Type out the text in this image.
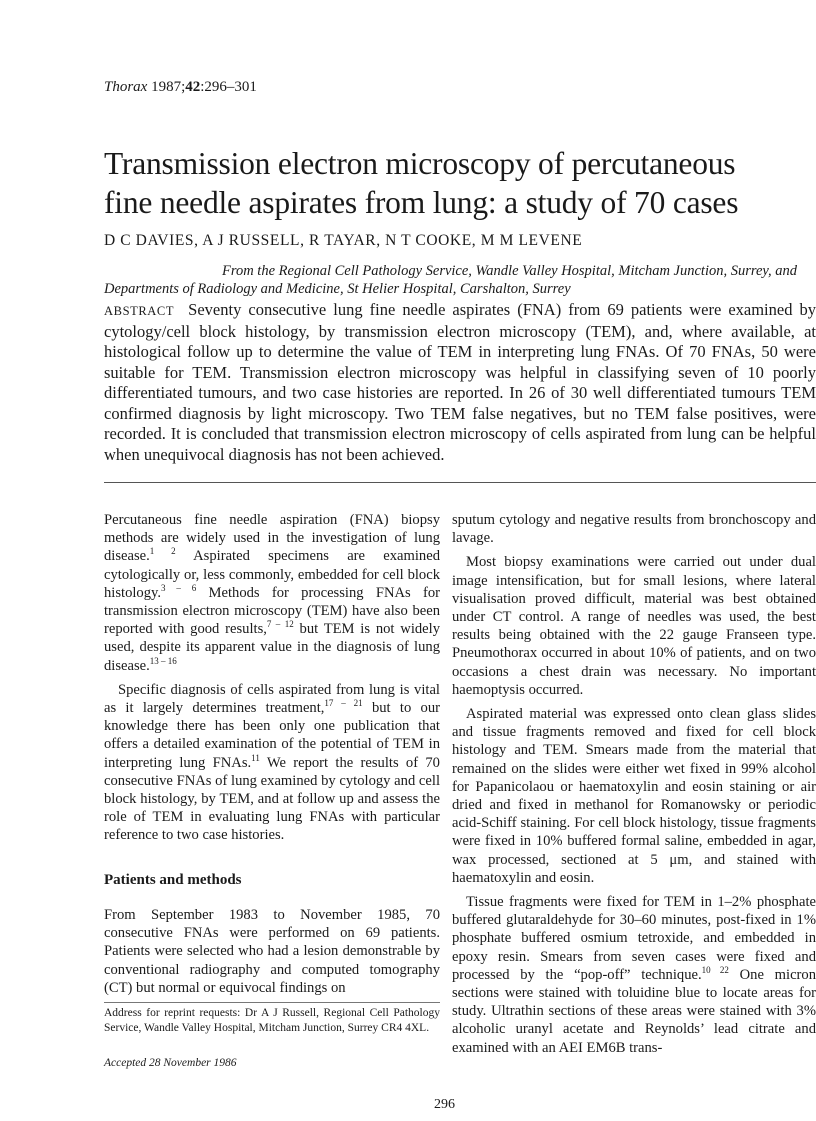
Thorax 1987;42:296–301
Transmission electron microscopy of percutaneous fine needle aspirates from lung: a study of 70 cases
D C DAVIES, A J RUSSELL, R TAYAR, N T COOKE, M M LEVENE
From the Regional Cell Pathology Service, Wandle Valley Hospital, Mitcham Junction, Surrey, and Departments of Radiology and Medicine, St Helier Hospital, Carshalton, Surrey
ABSTRACT Seventy consecutive lung fine needle aspirates (FNA) from 69 patients were examined by cytology/cell block histology, by transmission electron microscopy (TEM), and, where available, at histological follow up to determine the value of TEM in interpreting lung FNAs. Of 70 FNAs, 50 were suitable for TEM. Transmission electron microscopy was helpful in classifying seven of 10 poorly differentiated tumours, and two case histories are reported. In 26 of 30 well differentiated tumours TEM confirmed diagnosis by light microscopy. Two TEM false negatives, but no TEM false positives, were recorded. It is concluded that transmission electron microscopy of cells aspirated from lung can be helpful when unequivocal diagnosis has not been achieved.

Percutaneous fine needle aspiration (FNA) biopsy methods are widely used in the investigation of lung disease.$^{1 2}$ Aspirated specimens are examined cytologically or, less commonly, embedded for cell block histology.$^{3 - 6}$ Methods for processing FNAs for transmission electron microscopy (TEM) have also been reported with good results,$^{7 - 12}$ but TEM is not widely used, despite its apparent value in the diagnosis of lung disease.$^{13 - 16}$

Specific diagnosis of cells aspirated from lung is vital as it largely determines treatment,$^{17 - 21}$ but to our knowledge there has been only one publication that offers a detailed examination of the potential of TEM in interpreting lung FNAs.$^{11}$ We report the results of 70 consecutive FNAs of lung examined by cytology and cell block histology, by TEM, and at follow up and assess the role of TEM in evaluating lung FNAs with particular reference to two case histories.

Patients and methods

From September 1983 to November 1985, 70 consecutive FNAs were performed on 69 patients. Patients were selected who had a lesion demonstrable by conventional radiography and computed tomography (CT) but normal or equivocal findings on

Address for reprint requests: Dr A J Russell, Regional Cell Pathology Service, Wandle Valley Hospital, Mitcham Junction, Surrey CR4 4XL.
Accepted 28 November 1986

sputum cytology and negative results from bronchoscopy and lavage.

Most biopsy examinations were carried out under dual image intensification, but for small lesions, where lateral visualisation proved difficult, material was best obtained under CT control. A range of needles was used, the best results being obtained with the 22 gauge Franseen type. Pneumothorax occurred in about 10% of patients, and on two occasions a chest drain was necessary. No important haemoptysis occurred.

Aspirated material was expressed onto clean glass slides and tissue fragments removed and fixed for cell block histology and TEM. Smears made from the material that remained on the slides were either wet fixed in 99% alcohol for Papanicolaou or haematoxylin and eosin staining or air dried and fixed in methanol for Romanowsky or periodic acid-Schiff staining. For cell block histology, tissue fragments were fixed in 10% buffered formal saline, embedded in agar, wax processed, sectioned at 5 μm, and stained with haematoxylin and eosin.

Tissue fragments were fixed for TEM in 1–2% phosphate buffered glutaraldehyde for 30–60 minutes, post-fixed in 1% phosphate buffered osmium tetroxide, and embedded in epoxy resin. Smears from seven cases were fixed and processed by the “pop-off” technique.$^{10 22}$ One micron sections were stained with toluidine blue to locate areas for study. Ultrathin sections of these areas were stained with 3% alcoholic uranyl acetate and Reynolds’ lead citrate and examined with an AEI EM6B trans-

296
